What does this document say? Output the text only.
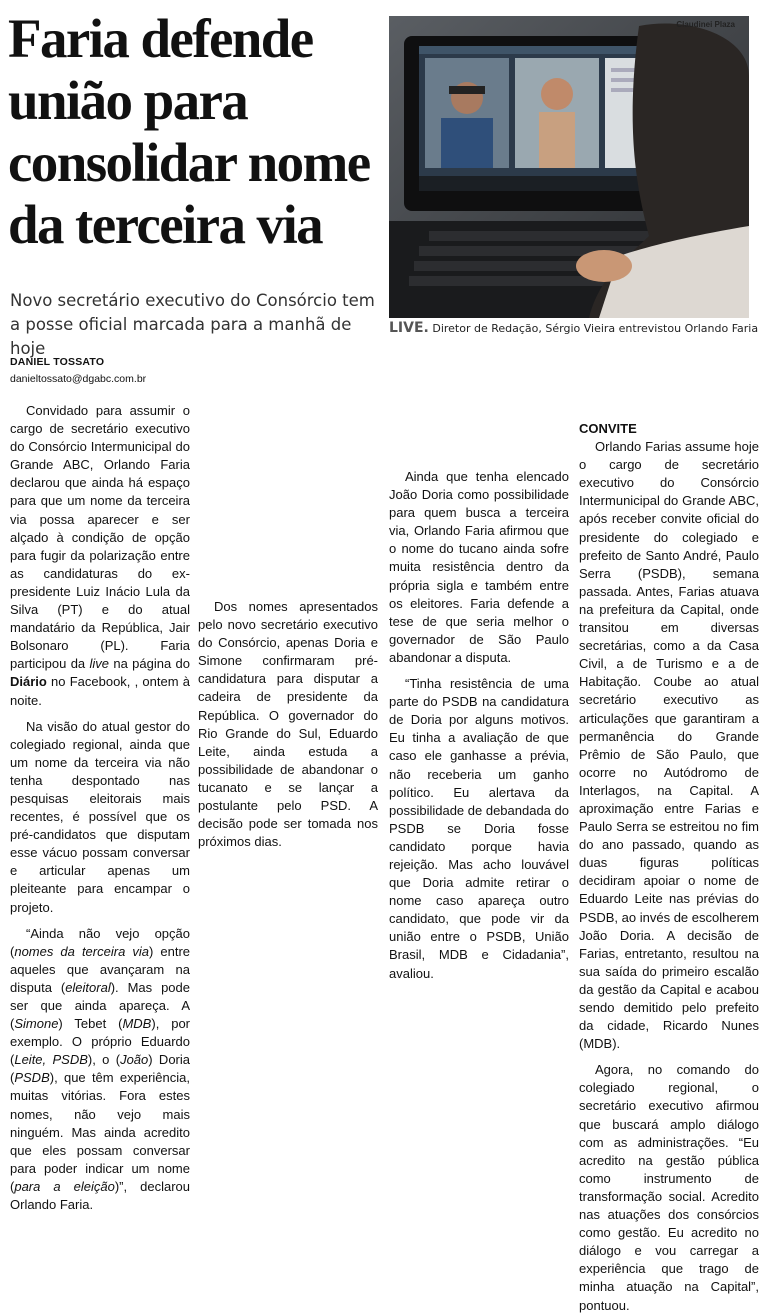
Faria defende união para consolidar nome da terceira via

Novo secretário executivo do Consórcio tem a posse oficial marcada para a manhã de hoje

Claudinei Plaza

LIVE. Diretor de Redação, Sérgio Vieira entrevistou Orlando Faria

DANIEL TOSSATO
danieltossato@dgabc.com.br

Convidado para assumir o cargo de secretário executivo do Consórcio Intermunicipal do Grande ABC, Orlando Faria declarou que ainda há espaço para que um nome da terceira via possa aparecer e ser alçado à condição de opção para fugir da polarização entre as candidaturas do ex-presidente Luiz Inácio Lula da Silva (PT) e do atual mandatário da República, Jair Bolsonaro (PL). Faria participou da live na página do Diário no Facebook, , ontem à noite.

Na visão do atual gestor do colegiado regional, ainda que um nome da terceira via não tenha despontado nas pesquisas eleitorais mais recentes, é possível que os pré-candidatos que disputam esse vácuo possam conversar e articular apenas um pleiteante para encampar o projeto.

“Ainda não vejo opção (nomes da terceira via) entre aqueles que avançaram na disputa (eleitoral). Mas pode ser que ainda apareça. A (Simone) Tebet (MDB), por exemplo. O próprio Eduardo (Leite, PSDB), o (João) Doria (PSDB), que têm experiência, muitas vitórias. Fora estes nomes, não vejo mais ninguém. Mas ainda acredito que eles possam conversar para poder indicar um nome (para a eleição)”, declarou Orlando Faria.

Dos nomes apresentados pelo novo secretário executivo do Consórcio, apenas Doria e Simone confirmaram pré-candidatura para disputar a cadeira de presidente da República. O governador do Rio Grande do Sul, Eduardo Leite, ainda estuda a possibilidade de abandonar o tucanato e se lançar a postulante pelo PSD. A decisão pode ser tomada nos próximos dias.

Ainda que tenha elencado João Doria como possibilidade para quem busca a terceira via, Orlando Faria afirmou que o nome do tucano ainda sofre muita resistência dentro da própria sigla e também entre os eleitores. Faria defende a tese de que seria melhor o governador de São Paulo abandonar a disputa.

“Tinha resistência de uma parte do PSDB na candidatura de Doria por alguns motivos. Eu tinha a avaliação de que caso ele ganhasse a prévia, não receberia um ganho político. Eu alertava da possibilidade de debandada do PSDB se Doria fosse candidato porque havia rejeição. Mas acho louvável que Doria admite retirar o nome caso apareça outro candidato, que pode vir da união entre o PSDB, União Brasil, MDB e Cidadania”, avaliou.

CONVITE

Orlando Farias assume hoje o cargo de secretário executivo do Consórcio Intermunicipal do Grande ABC, após receber convite oficial do presidente do colegiado e prefeito de Santo André, Paulo Serra (PSDB), semana passada. Antes, Farias atuava na prefeitura da Capital, onde transitou em diversas secretárias, como a da Casa Civil, a de Turismo e a de Habitação. Coube ao atual secretário executivo as articulações que garantiram a permanência do Grande Prêmio de São Paulo, que ocorre no Autódromo de Interlagos, na Capital. A aproximação entre Farias e Paulo Serra se estreitou no fim do ano passado, quando as duas figuras políticas decidiram apoiar o nome de Eduardo Leite nas prévias do PSDB, ao invés de escolherem João Doria. A decisão de Farias, entretanto, resultou na sua saída do primeiro escalão da gestão da Capital e acabou sendo demitido pelo prefeito da cidade, Ricardo Nunes (MDB).

Agora, no comando do colegiado regional, o secretário executivo afirmou que buscará amplo diálogo com as administrações. “Eu acredito na gestão pública como instrumento de transformação social. Acredito nas atuações dos consórcios como gestão. Eu acredito no diálogo e vou carregar a experiência que trago de minha atuação na Capital”, pontuou.
